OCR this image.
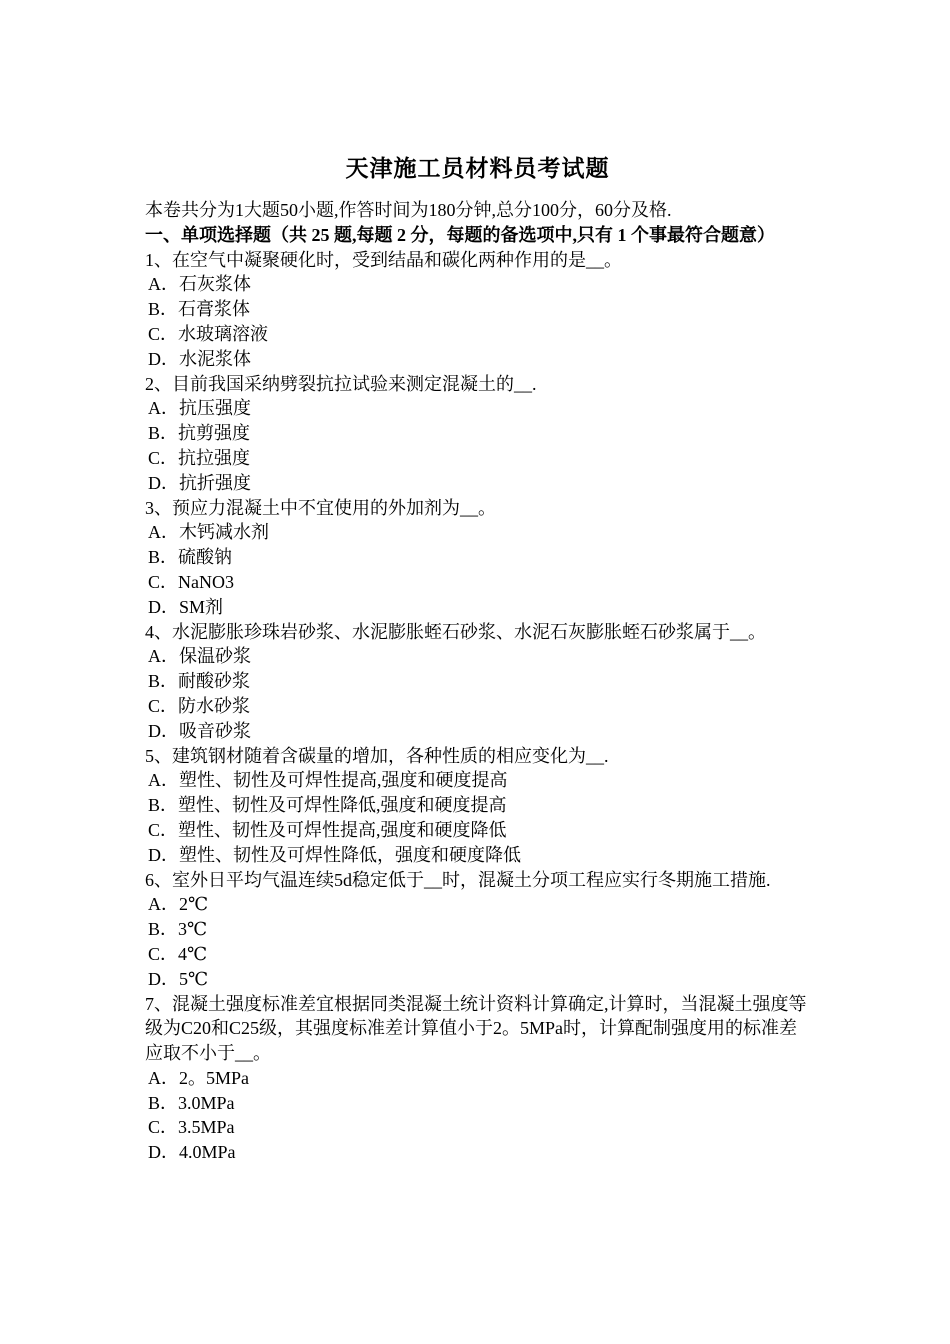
天津施工员材料员考试题

本卷共分为1大题50小题,作答时间为180分钟,总分100分，60分及格.

一、单项选择题（共 25 题,每题 2 分，每题的备选项中,只有 1 个事最符合题意）

1、在空气中凝聚硬化时，受到结晶和碳化两种作用的是__。

A．石灰浆体

B．石膏浆体

C．水玻璃溶液

D．水泥浆体

2、目前我国采纳劈裂抗拉试验来测定混凝土的__.

A．抗压强度

B．抗剪强度

C．抗拉强度

D．抗折强度

3、预应力混凝土中不宜使用的外加剂为__。

A．木钙减水剂

B．硫酸钠

C．NaNO3

D．SM剂

4、水泥膨胀珍珠岩砂浆、水泥膨胀蛭石砂浆、水泥石灰膨胀蛭石砂浆属于__。

A．保温砂浆

B．耐酸砂浆

C．防水砂浆

D．吸音砂浆

5、建筑钢材随着含碳量的增加，各种性质的相应变化为__.

A．塑性、韧性及可焊性提高,强度和硬度提高

B．塑性、韧性及可焊性降低,强度和硬度提高

C．塑性、韧性及可焊性提高,强度和硬度降低

D．塑性、韧性及可焊性降低，强度和硬度降低

6、室外日平均气温连续5d稳定低于__时，混凝土分项工程应实行冬期施工措施.

A．2℃

B．3℃

C．4℃

D．5℃

7、混凝土强度标准差宜根据同类混凝土统计资料计算确定,计算时，当混凝土强度等级为C20和C25级，其强度标准差计算值小于2。5MPa时，计算配制强度用的标准差应取不小于__。

A．2。5MPa

B．3.0MPa

C．3.5MPa

D．4.0MPa
